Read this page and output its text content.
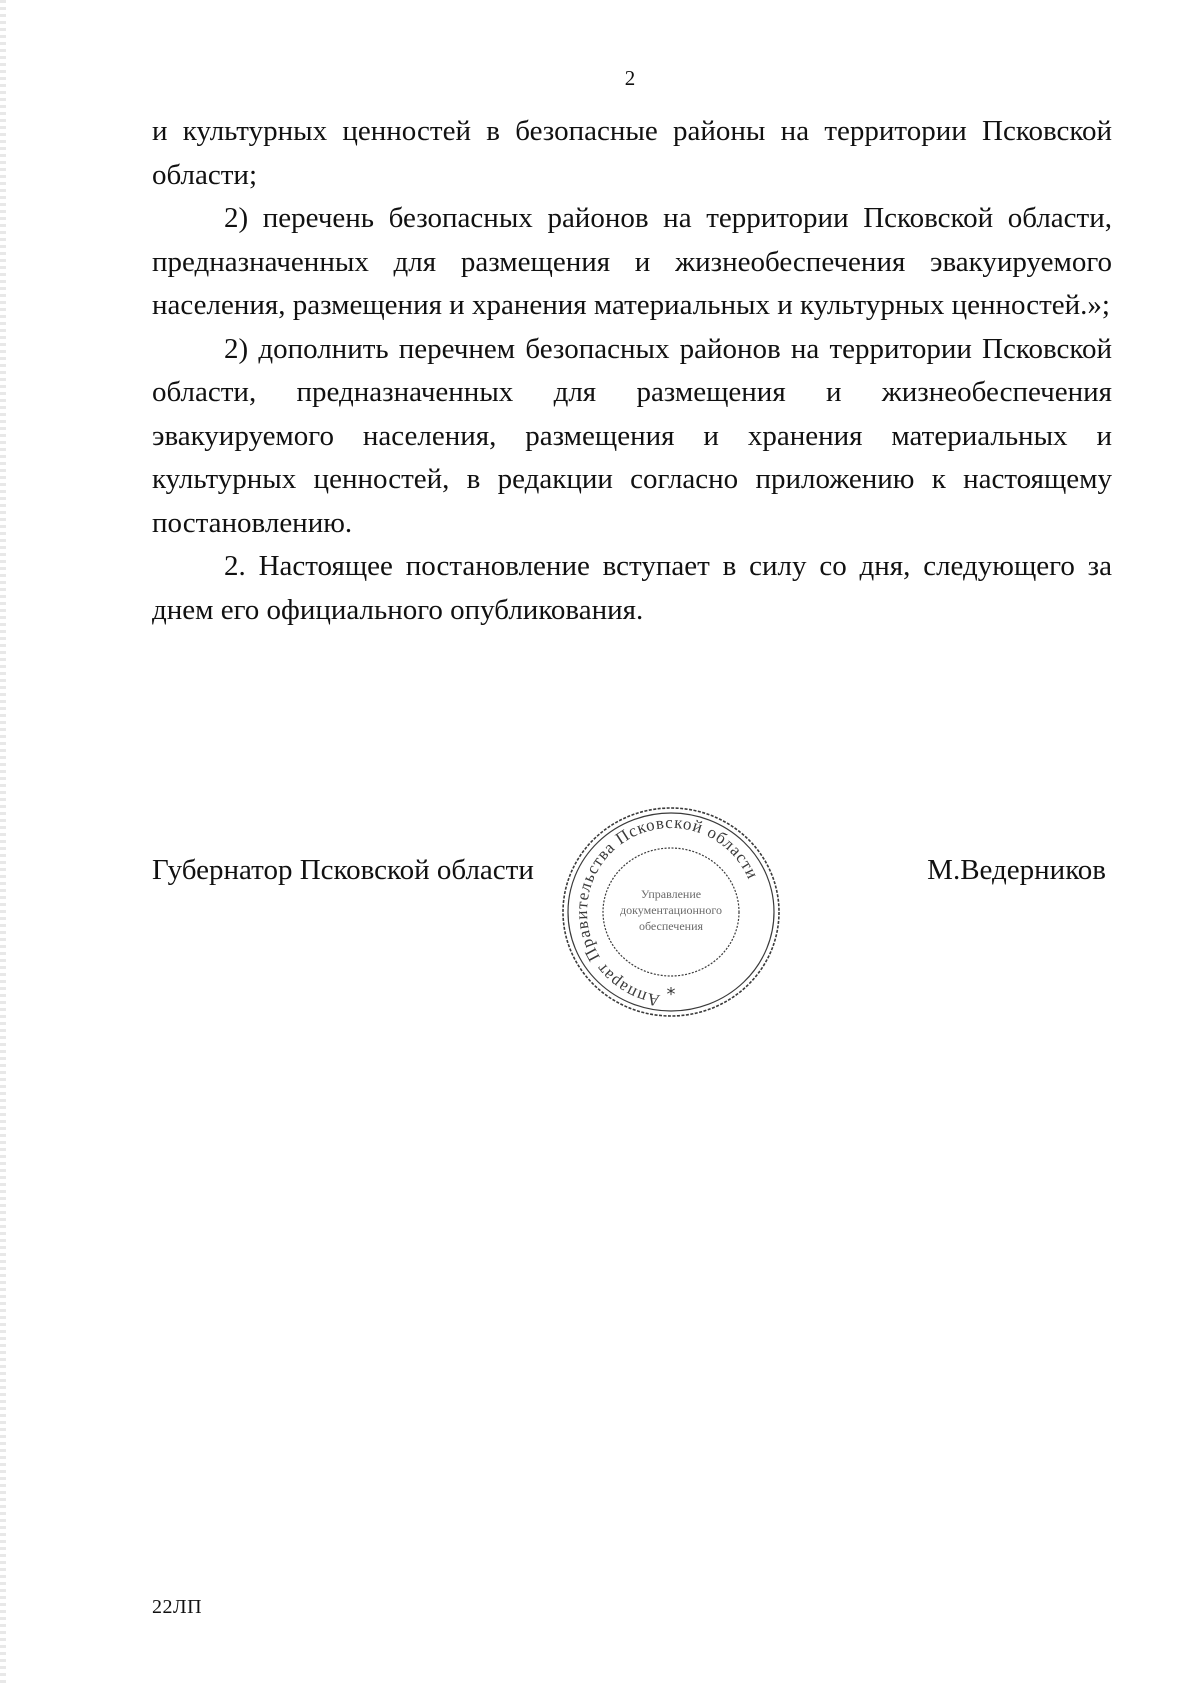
2

и культурных ценностей в безопасные районы на территории Псковской области;

2) перечень безопасных районов на территории Псковской области, предназначенных для размещения и жизнеобеспечения эвакуируемого населения, размещения и хранения материальных и культурных ценностей.»;

2) дополнить перечнем безопасных районов на территории Псковской области, предназначенных для размещения и жизнеобеспечения эвакуируемого населения, размещения и хранения материальных и культурных ценностей, в редакции согласно приложению к настоящему постановлению.

2. Настоящее постановление вступает в силу со дня, следующего за днем его официального опубликования.

Губернатор Псковской области	М.Ведерников
Аппарат Правительства Псковской области
Управление
документационного
обеспечения
*
22ЛП
